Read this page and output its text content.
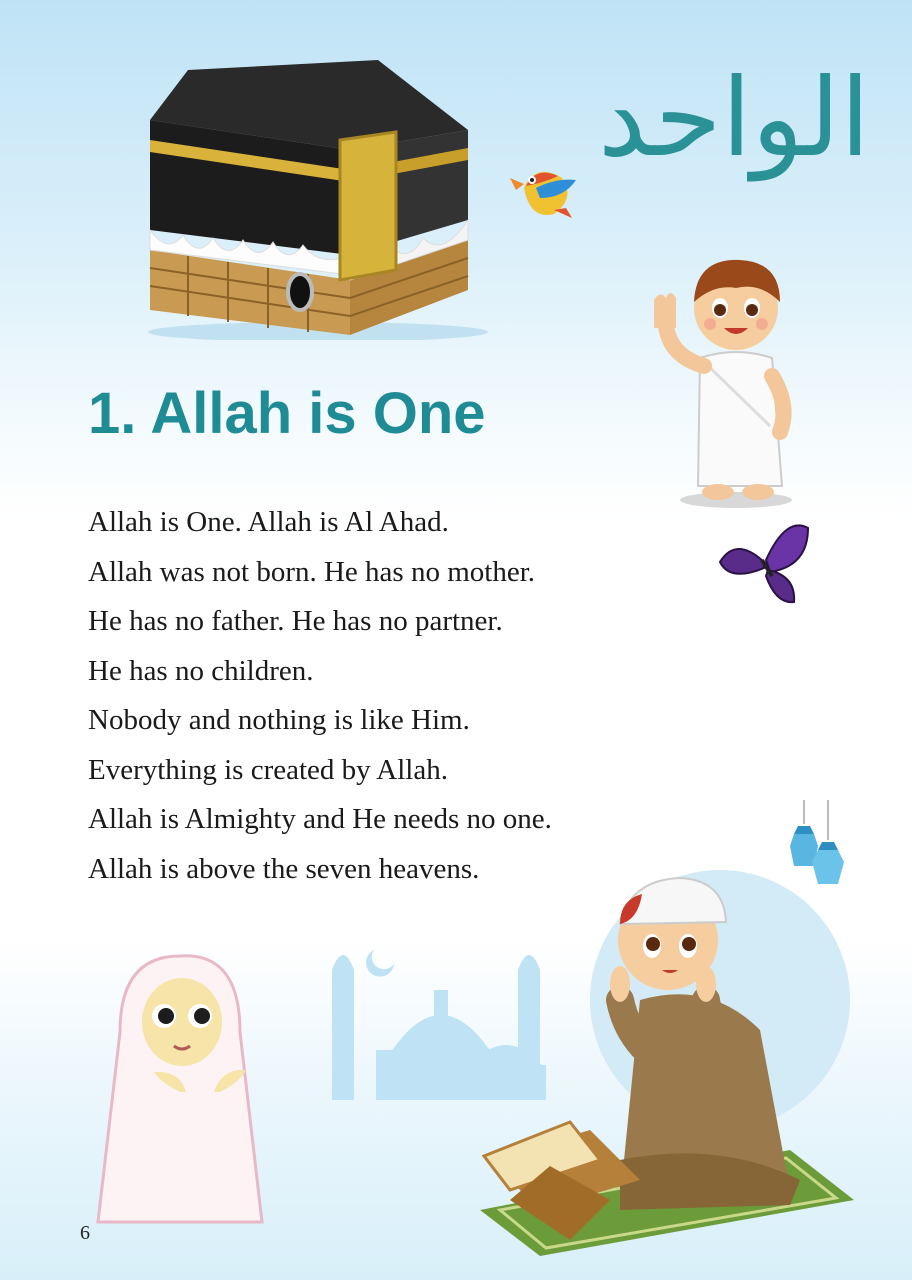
الواحد
1. Allah is One

Allah is One. Allah is Al Ahad.
Allah was not born. He has no mother.
He has no father. He has no partner.
He has no children.
Nobody and nothing is like Him.
Everything is created by Allah.
Allah is Almighty and He needs no one.
Allah is above the seven heavens.

6
